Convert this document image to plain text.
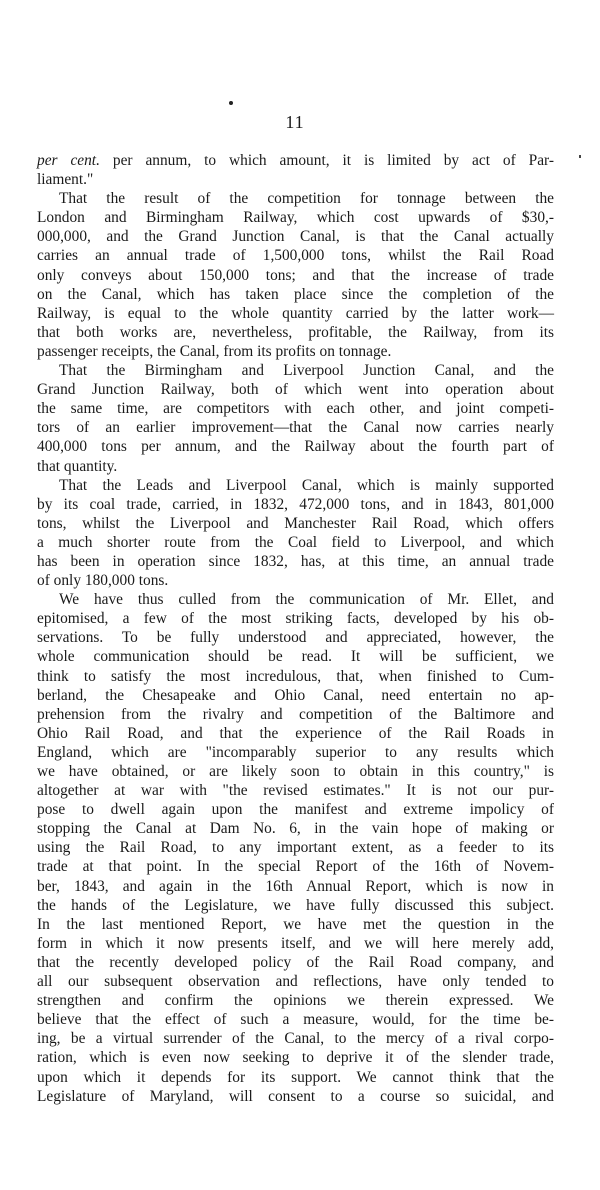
11
per cent. per annum, to which amount, it is limited by act of Par-
liament."
That the result of the competition for tonnage between the
London and Birmingham Railway, which cost upwards of $30,-
000,000, and the Grand Junction Canal, is that the Canal actually
carries an annual trade of 1,500,000 tons, whilst the Rail Road
only conveys about 150,000 tons; and that the increase of trade
on the Canal, which has taken place since the completion of the
Railway, is equal to the whole quantity carried by the latter work—
that both works are, nevertheless, profitable, the Railway, from its
passenger receipts, the Canal, from its profits on tonnage.
That the Birmingham and Liverpool Junction Canal, and the
Grand Junction Railway, both of which went into operation about
the same time, are competitors with each other, and joint competi-
tors of an earlier improvement—that the Canal now carries nearly
400,000 tons per annum, and the Railway about the fourth part of
that quantity.
That the Leads and Liverpool Canal, which is mainly supported
by its coal trade, carried, in 1832, 472,000 tons, and in 1843, 801,000
tons, whilst the Liverpool and Manchester Rail Road, which offers
a much shorter route from the Coal field to Liverpool, and which
has been in operation since 1832, has, at this time, an annual trade
of only 180,000 tons.
We have thus culled from the communication of Mr. Ellet, and
epitomised, a few of the most striking facts, developed by his ob-
servations. To be fully understood and appreciated, however, the
whole communication should be read. It will be sufficient, we
think to satisfy the most incredulous, that, when finished to Cum-
berland, the Chesapeake and Ohio Canal, need entertain no ap-
prehension from the rivalry and competition of the Baltimore and
Ohio Rail Road, and that the experience of the Rail Roads in
England, which are "incomparably superior to any results which
we have obtained, or are likely soon to obtain in this country," is
altogether at war with "the revised estimates." It is not our pur-
pose to dwell again upon the manifest and extreme impolicy of
stopping the Canal at Dam No. 6, in the vain hope of making or
using the Rail Road, to any important extent, as a feeder to its
trade at that point. In the special Report of the 16th of Novem-
ber, 1843, and again in the 16th Annual Report, which is now in
the hands of the Legislature, we have fully discussed this subject.
In the last mentioned Report, we have met the question in the
form in which it now presents itself, and we will here merely add,
that the recently developed policy of the Rail Road company, and
all our subsequent observation and reflections, have only tended to
strengthen and confirm the opinions we therein expressed. We
believe that the effect of such a measure, would, for the time be-
ing, be a virtual surrender of the Canal, to the mercy of a rival corpo-
ration, which is even now seeking to deprive it of the slender trade,
upon which it depends for its support. We cannot think that the
Legislature of Maryland, will consent to a course so suicidal, and
